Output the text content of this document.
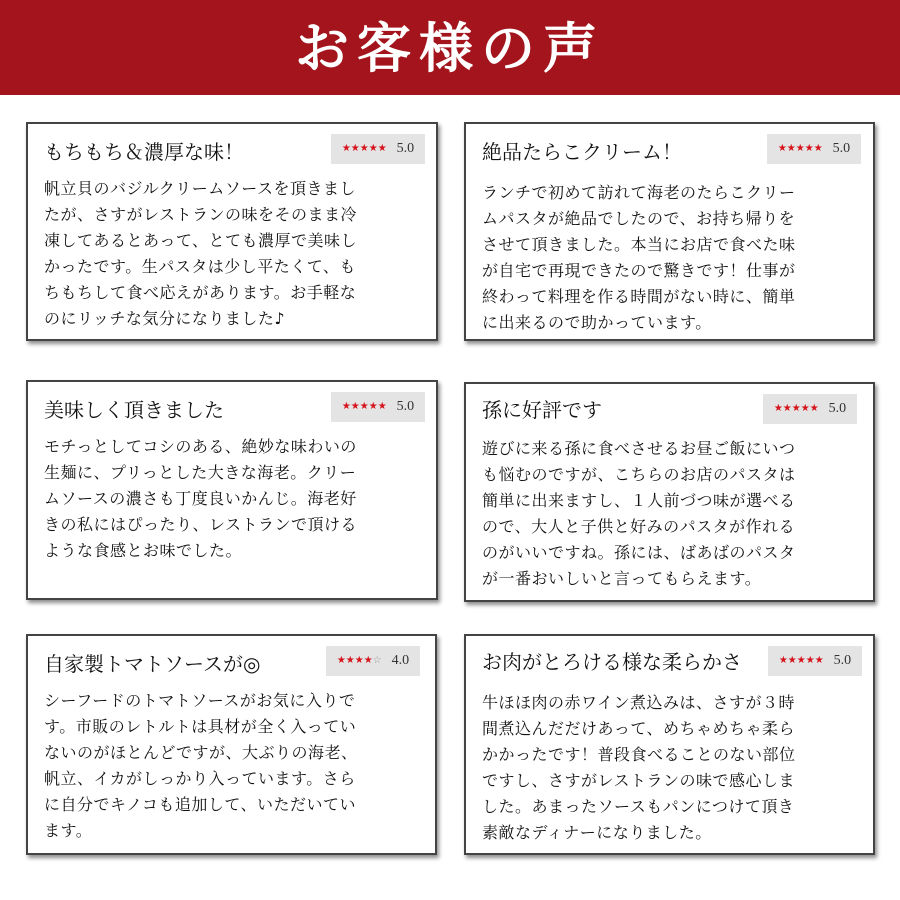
お客様の声
もちもち＆濃厚な味！	★★★★★ 5.0

帆立貝のバジルクリームソースを頂きまし
たが、さすがレストランの味をそのまま冷
凍してあるとあって、とても濃厚で美味し
かったです。生パスタは少し平たくて、も
ちもちして食べ応えがあります。お手軽な
のにリッチな気分になりました♪

絶品たらこクリーム！	★★★★★ 5.0

ランチで初めて訪れて海老のたらこクリー
ムパスタが絶品でしたので、お持ち帰りを
させて頂きました。本当にお店で食べた味
が自宅で再現できたので驚きです！仕事が
終わって料理を作る時間がない時に、簡単
に出来るので助かっています。

美味しく頂きました	★★★★★ 5.0

モチっとしてコシのある、絶妙な味わいの
生麺に、プリっとした大きな海老。クリー
ムソースの濃さも丁度良いかんじ。海老好
きの私にはぴったり、レストランで頂ける
ような食感とお味でした。

孫に好評です	★★★★★ 5.0

遊びに来る孫に食べさせるお昼ご飯にいつ
も悩むのですが、こちらのお店のパスタは
簡単に出来ますし、１人前づつ味が選べる
ので、大人と子供と好みのパスタが作れる
のがいいですね。孫には、ばあばのパスタ
が一番おいしいと言ってもらえます。

自家製トマトソースが◎	★★★★☆ 4.0

シーフードのトマトソースがお気に入りで
す。市販のレトルトは具材が全く入ってい
ないのがほとんどですが、大ぶりの海老、
帆立、イカがしっかり入っています。さら
に自分でキノコも追加して、いただいてい
ます。

お肉がとろける様な柔らかさ	★★★★★ 5.0

牛ほほ肉の赤ワイン煮込みは、さすが３時
間煮込んだだけあって、めちゃめちゃ柔ら
かかったです！普段食べることのない部位
ですし、さすがレストランの味で感心しま
した。あまったソースもパンにつけて頂き
素敵なディナーになりました。
